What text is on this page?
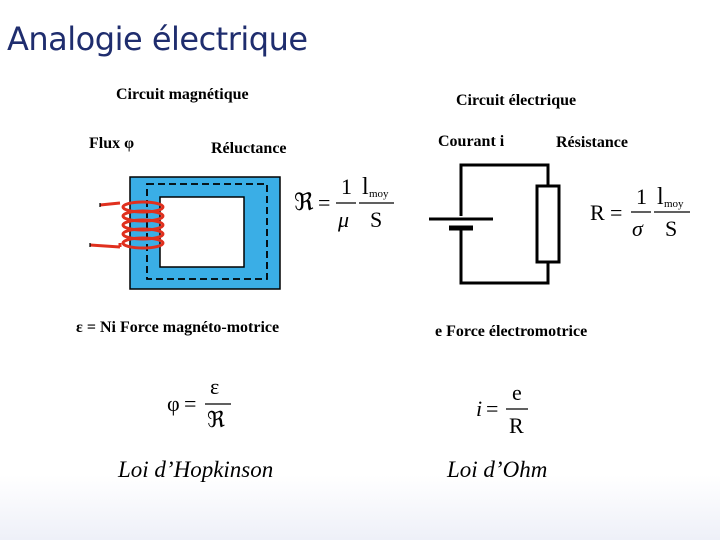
Analogie électrique
Circuit magnétique	Circuit électrique
Flux φ	Réluctance	Courant i	Résistance
ℜ =
1
μ
l moy
S	R =
1
σ
l moy
S
ε = Ni Force magnéto-motrice	e Force électromotrice
φ =
ε
ℜ	i =
e
R
Loi d’Hopkinson	Loi d’Ohm
